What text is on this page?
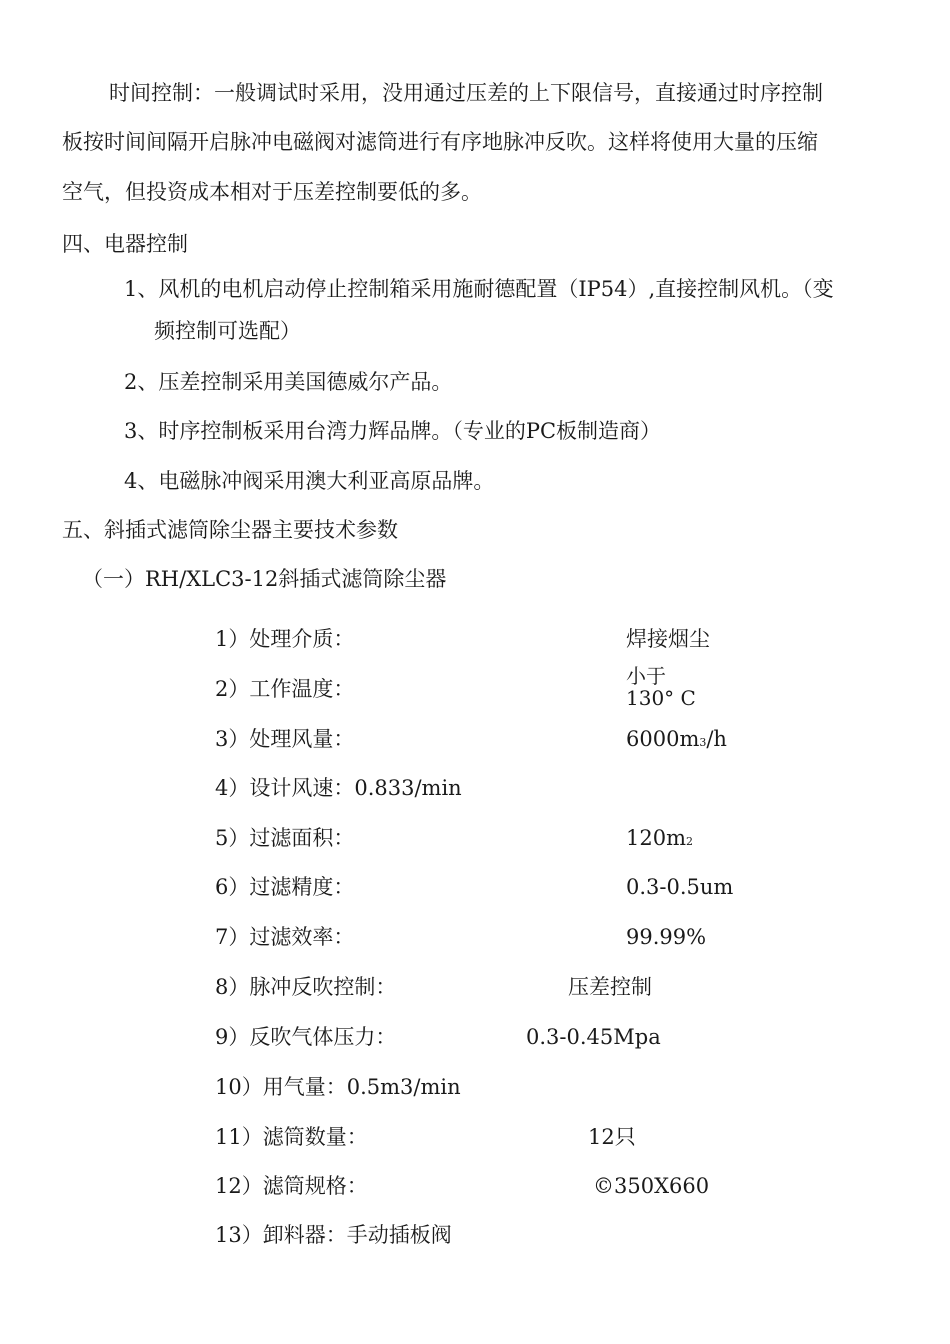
时间控制：一般调试时采用，没用通过压差的上下限信号，直接通过时序控制
板按时间间隔开启脉冲电磁阀对滤筒进行有序地脉冲反吹。这样将使用大量的压缩
空气，但投资成本相对于压差控制要低的多。
四、电器控制
1、风机的电机启动停止控制箱采用施耐德配置（IP54）,直接控制风机。（变
频控制可选配）
2、压差控制采用美国德威尔产品。
3、时序控制板采用台湾力辉品牌。（专业的PC板制造商）
4、电磁脉冲阀采用澳大利亚高原品牌。
五、斜插式滤筒除尘器主要技术参数
（一）RH/XLC3-12斜插式滤筒除尘器
1）处理介质：	焊接烟尘
2）工作温度：
小于
130° C
3）处理风量：	6000m3/h
4）设计风速：0.833/min
5）过滤面积：	120m2
6）过滤精度：	0.3-0.5um
7）过滤效率：	99.99%
8）脉冲反吹控制：	压差控制
9）反吹气体压力：	0.3-0.45Mpa
10）用气量：0.5m3/min
11）滤筒数量：	12只
12）滤筒规格：	©350X660
13）卸料器：手动插板阀
